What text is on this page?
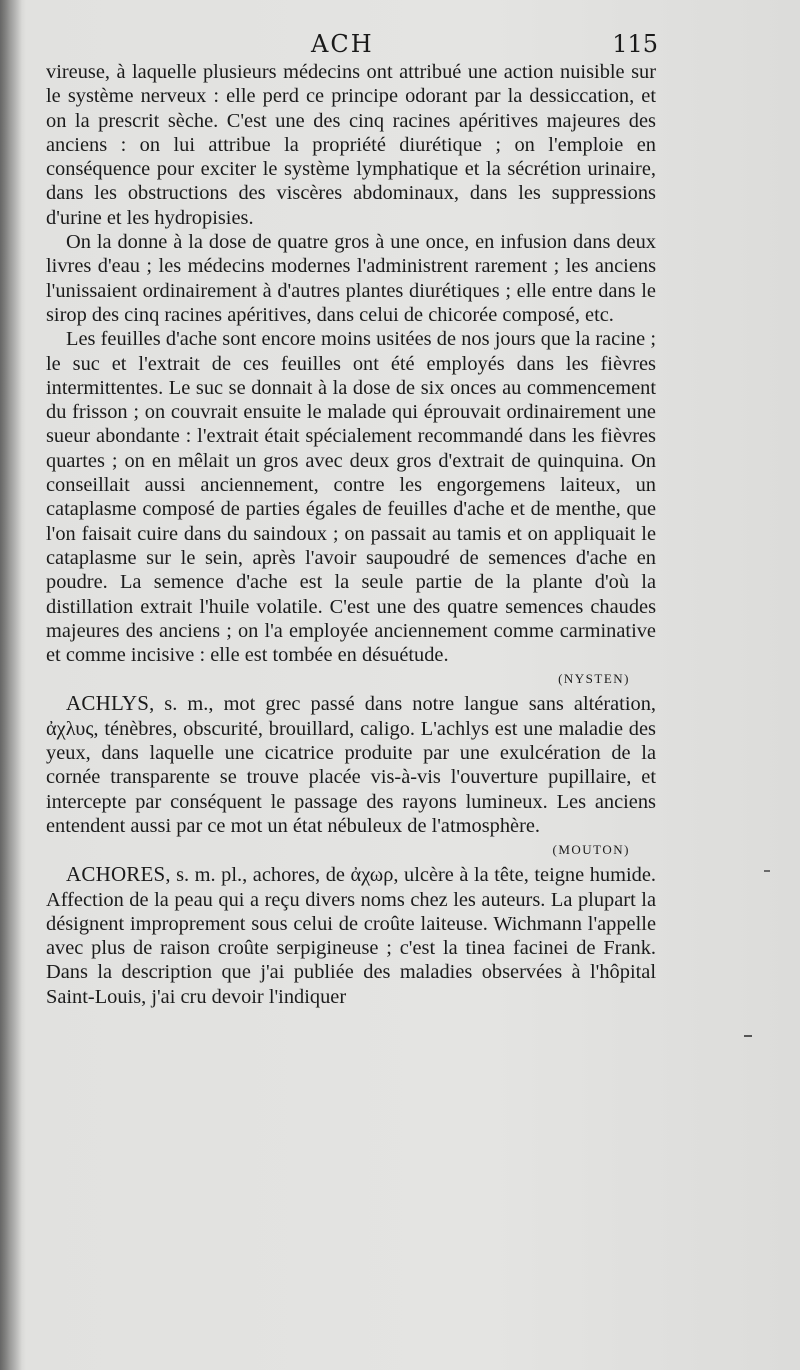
ACH	115

vireuse, à laquelle plusieurs médecins ont attribué une action nuisible sur le système nerveux : elle perd ce principe odorant par la dessiccation, et on la prescrit sèche. C'est une des cinq racines apéritives majeures des anciens : on lui attribue la propriété diurétique ; on l'emploie en conséquence pour exciter le système lymphatique et la sécrétion urinaire, dans les obstructions des viscères abdominaux, dans les suppressions d'urine et les hydropisies.

On la donne à la dose de quatre gros à une once, en infusion dans deux livres d'eau ; les médecins modernes l'administrent rarement ; les anciens l'unissaient ordinairement à d'autres plantes diurétiques ; elle entre dans le sirop des cinq racines apéritives, dans celui de chicorée composé, etc.

Les feuilles d'ache sont encore moins usitées de nos jours que la racine ; le suc et l'extrait de ces feuilles ont été employés dans les fièvres intermittentes. Le suc se donnait à la dose de six onces au commencement du frisson ; on couvrait ensuite le malade qui éprouvait ordinairement une sueur abondante : l'extrait était spécialement recommandé dans les fièvres quartes ; on en mêlait un gros avec deux gros d'extrait de quinquina. On conseillait aussi anciennement, contre les engorgemens laiteux, un cataplasme composé de parties égales de feuilles d'ache et de menthe, que l'on faisait cuire dans du saindoux ; on passait au tamis et on appliquait le cataplasme sur le sein, après l'avoir saupoudré de semences d'ache en poudre. La semence d'ache est la seule partie de la plante d'où la distillation extrait l'huile volatile. C'est une des quatre semences chaudes majeures des anciens ; on l'a employée anciennement comme carminative et comme incisive : elle est tombée en désuétude.

(NYSTEN)

ACHLYS, s. m., mot grec passé dans notre langue sans altération, ἀχλυς, ténèbres, obscurité, brouillard, caligo. L'achlys est une maladie des yeux, dans laquelle une cicatrice produite par une exulcération de la cornée transparente se trouve placée vis-à-vis l'ouverture pupillaire, et intercepte par conséquent le passage des rayons lumineux. Les anciens entendent aussi par ce mot un état nébuleux de l'atmosphère.

(MOUTON)

ACHORES, s. m. pl., achores, de ἀχωρ, ulcère à la tête, teigne humide. Affection de la peau qui a reçu divers noms chez les auteurs. La plupart la désignent improprement sous celui de croûte laiteuse. Wichmann l'appelle avec plus de raison croûte serpigineuse ; c'est la tinea facinei de Frank. Dans la description que j'ai publiée des maladies observées à l'hôpital Saint-Louis, j'ai cru devoir l'indiquer
